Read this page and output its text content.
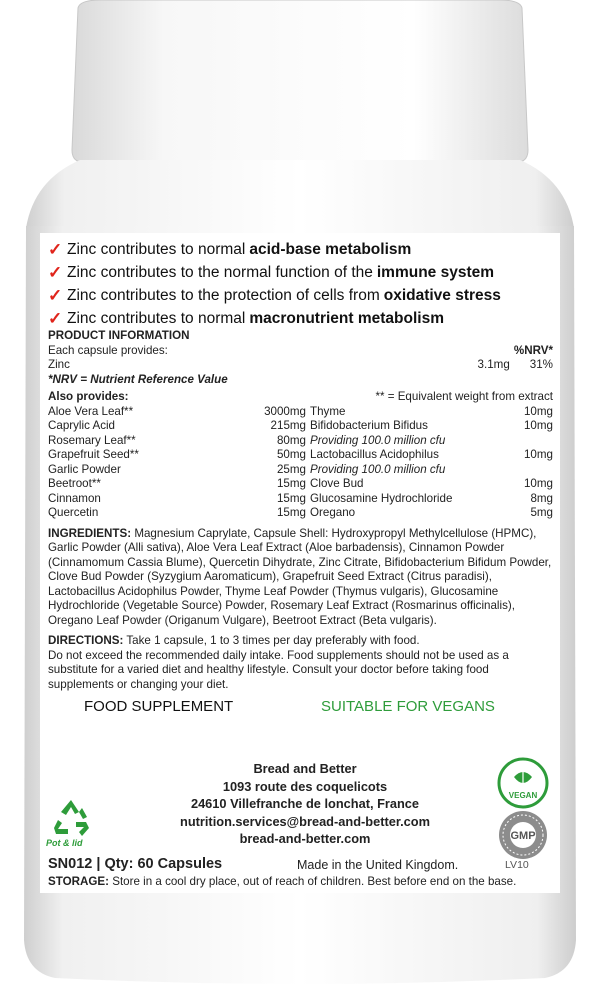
✓ Zinc contributes to normal acid-base metabolism
✓ Zinc contributes to the normal function of the immune system
✓ Zinc contributes to the protection of cells from oxidative stress
✓ Zinc contributes to normal macronutrient metabolism
PRODUCT INFORMATION
Each capsule provides:	%NRV*
Zinc	3.1mg 31%
*NRV = Nutrient Reference Value
Also provides:	** = Equivalent weight from extract
Aloe Vera Leaf**	3000mg Thyme	10mg
Caprylic Acid	215mg Bifidobacterium Bifidus	10mg
Rosemary Leaf**	80mg Providing 100.0 million cfu
Grapefruit Seed**	50mg Lactobacillus Acidophilus	10mg
Garlic Powder	25mg Providing 100.0 million cfu
Beetroot**	15mg Clove Bud	10mg
Cinnamon	15mg Glucosamine Hydrochloride	8mg
Quercetin	15mg Oregano	5mg
INGREDIENTS: Magnesium Caprylate, Capsule Shell: Hydroxypropyl Methylcellulose (HPMC), Garlic Powder (Alli sativa), Aloe Vera Leaf Extract (Aloe barbadensis), Cinnamon Powder (Cinnamomum Cassia Blume), Quercetin Dihydrate, Zinc Citrate, Bifidobacterium Bifidum Powder, Clove Bud Powder (Syzygium Aaromaticum), Grapefruit Seed Extract (Citrus paradisi), Lactobacillus Acidophilus Powder, Thyme Leaf Powder (Thymus vulgaris), Glucosamine Hydrochloride (Vegetable Source) Powder, Rosemary Leaf Extract (Rosmarinus officinalis), Oregano Leaf Powder (Origanum Vulgare), Beetroot Extract (Beta vulgaris).
DIRECTIONS: Take 1 capsule, 1 to 3 times per day preferably with food.
Do not exceed the recommended daily intake. Food supplements should not be used as a substitute for a varied diet and healthy lifestyle. Consult your doctor before taking food supplements or changing your diet.
FOOD SUPPLEMENT	SUITABLE FOR VEGANS
Bread and Better
1093 route des coquelicots
24610 Villefranche de lonchat, France
nutrition.services@bread-and-better.com
bread-and-better.com
Pot & lid
VEGAN
GMP
SN012 | Qty: 60 Capsules	Made in the United Kingdom.	LV10
STORAGE: Store in a cool dry place, out of reach of children. Best before end on the base.
